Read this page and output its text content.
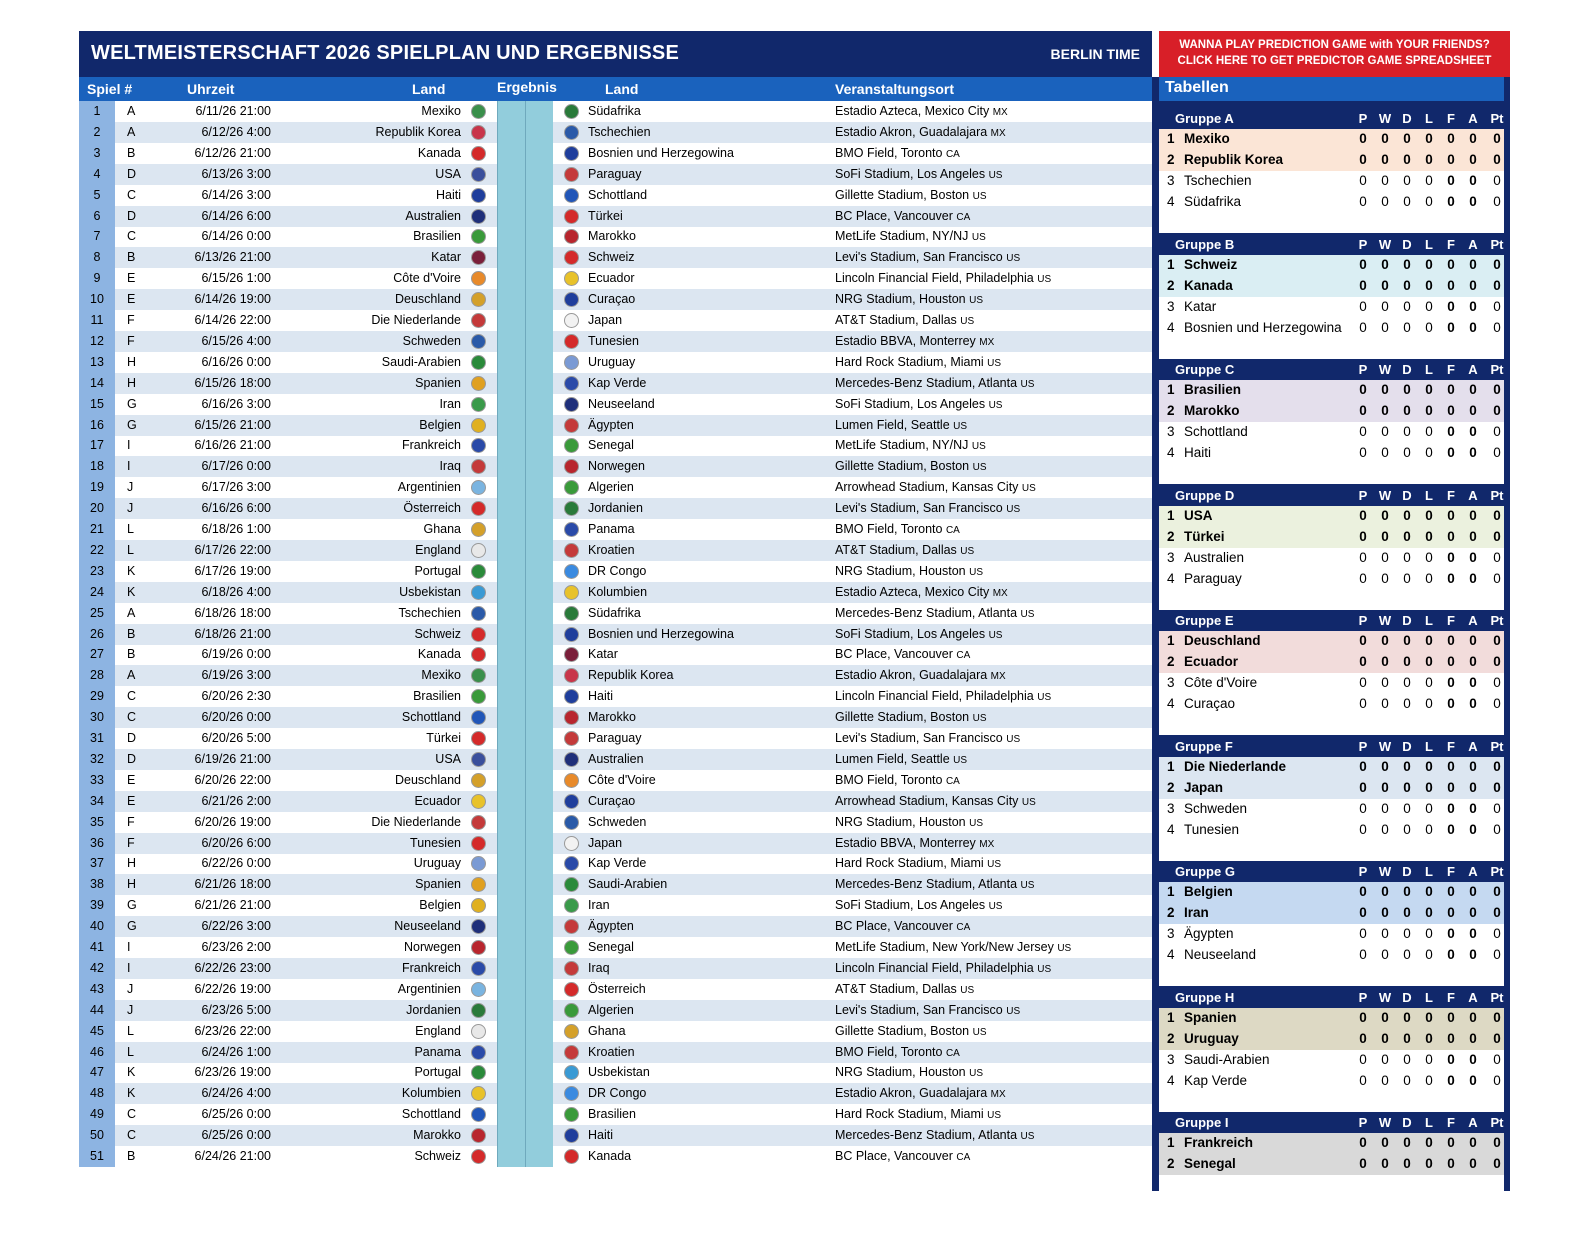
WELTMEISTERSCHAFT 2026 SPIELPLAN UND ERGEBNISSE	BERLIN TIME
WANNA PLAY PREDICTION GAME with YOUR FRIENDS?
CLICK HERE TO GET PREDICTOR GAME SPREADSHEET
Spiel #	Uhrzeit	Land	Ergebnis	Land	Veranstaltungsort
1	A	6/11/26 21:00	Mexiko	Südafrika	Estadio Azteca, Mexico City MX
2	A	6/12/26 4:00	Republik Korea	Tschechien	Estadio Akron, Guadalajara MX
3	B	6/12/26 21:00	Kanada	Bosnien und Herzegowina	BMO Field, Toronto CA
4	D	6/13/26 3:00	USA	Paraguay	SoFi Stadium, Los Angeles US
5	C	6/14/26 3:00	Haiti	Schottland	Gillette Stadium, Boston US
6	D	6/14/26 6:00	Australien	Türkei	BC Place, Vancouver CA
7	C	6/14/26 0:00	Brasilien	Marokko	MetLife Stadium, NY/NJ US
8	B	6/13/26 21:00	Katar	Schweiz	Levi's Stadium, San Francisco US
9	E	6/15/26 1:00	Côte d'Voire	Ecuador	Lincoln Financial Field, Philadelphia US
10	E	6/14/26 19:00	Deuschland	Curaçao	NRG Stadium, Houston US
11	F	6/14/26 22:00	Die Niederlande	Japan	AT&T Stadium, Dallas US
12	F	6/15/26 4:00	Schweden	Tunesien	Estadio BBVA, Monterrey MX
13	H	6/16/26 0:00	Saudi-Arabien	Uruguay	Hard Rock Stadium, Miami US
14	H	6/15/26 18:00	Spanien	Kap Verde	Mercedes-Benz Stadium, Atlanta US
15	G	6/16/26 3:00	Iran	Neuseeland	SoFi Stadium, Los Angeles US
16	G	6/15/26 21:00	Belgien	Ägypten	Lumen Field, Seattle US
17	I	6/16/26 21:00	Frankreich	Senegal	MetLife Stadium, NY/NJ US
18	I	6/17/26 0:00	Iraq	Norwegen	Gillette Stadium, Boston US
19	J	6/17/26 3:00	Argentinien	Algerien	Arrowhead Stadium, Kansas City US
20	J	6/16/26 6:00	Österreich	Jordanien	Levi's Stadium, San Francisco US
21	L	6/18/26 1:00	Ghana	Panama	BMO Field, Toronto CA
22	L	6/17/26 22:00	England	Kroatien	AT&T Stadium, Dallas US
23	K	6/17/26 19:00	Portugal	DR Congo	NRG Stadium, Houston US
24	K	6/18/26 4:00	Usbekistan	Kolumbien	Estadio Azteca, Mexico City MX
25	A	6/18/26 18:00	Tschechien	Südafrika	Mercedes-Benz Stadium, Atlanta US
26	B	6/18/26 21:00	Schweiz	Bosnien und Herzegowina	SoFi Stadium, Los Angeles US
27	B	6/19/26 0:00	Kanada	Katar	BC Place, Vancouver CA
28	A	6/19/26 3:00	Mexiko	Republik Korea	Estadio Akron, Guadalajara MX
29	C	6/20/26 2:30	Brasilien	Haiti	Lincoln Financial Field, Philadelphia US
30	C	6/20/26 0:00	Schottland	Marokko	Gillette Stadium, Boston US
31	D	6/20/26 5:00	Türkei	Paraguay	Levi's Stadium, San Francisco US
32	D	6/19/26 21:00	USA	Australien	Lumen Field, Seattle US
33	E	6/20/26 22:00	Deuschland	Côte d'Voire	BMO Field, Toronto CA
34	E	6/21/26 2:00	Ecuador	Curaçao	Arrowhead Stadium, Kansas City US
35	F	6/20/26 19:00	Die Niederlande	Schweden	NRG Stadium, Houston US
36	F	6/20/26 6:00	Tunesien	Japan	Estadio BBVA, Monterrey MX
37	H	6/22/26 0:00	Uruguay	Kap Verde	Hard Rock Stadium, Miami US
38	H	6/21/26 18:00	Spanien	Saudi-Arabien	Mercedes-Benz Stadium, Atlanta US
39	G	6/21/26 21:00	Belgien	Iran	SoFi Stadium, Los Angeles US
40	G	6/22/26 3:00	Neuseeland	Ägypten	BC Place, Vancouver CA
41	I	6/23/26 2:00	Norwegen	Senegal	MetLife Stadium, New York/New Jersey US
42	I	6/22/26 23:00	Frankreich	Iraq	Lincoln Financial Field, Philadelphia US
43	J	6/22/26 19:00	Argentinien	Österreich	AT&T Stadium, Dallas US
44	J	6/23/26 5:00	Jordanien	Algerien	Levi's Stadium, San Francisco US
45	L	6/23/26 22:00	England	Ghana	Gillette Stadium, Boston US
46	L	6/24/26 1:00	Panama	Kroatien	BMO Field, Toronto CA
47	K	6/23/26 19:00	Portugal	Usbekistan	NRG Stadium, Houston US
48	K	6/24/26 4:00	Kolumbien	DR Congo	Estadio Akron, Guadalajara MX
49	C	6/25/26 0:00	Schottland	Brasilien	Hard Rock Stadium, Miami US
50	C	6/25/26 0:00	Marokko	Haiti	Mercedes-Benz Stadium, Atlanta US
51	B	6/24/26 21:00	Schweiz	Kanada	BC Place, Vancouver CA
Tabellen
Gruppe A	P W D	L	F	A Pt
1 Mexiko	0	0	0	0	0	0	0
2 Republik Korea	0	0	0	0	0	0	0
3 Tschechien	0	0	0	0	0	0	0
4 Südafrika	0	0	0	0	0	0	0
Gruppe B	P W D	L	F	A Pt
1 Schweiz	0	0	0	0	0	0	0
2 Kanada	0	0	0	0	0	0	0
3 Katar	0	0	0	0	0	0	0
4 Bosnien und Herzegowina	0	0	0	0	0	0	0
Gruppe C	P W D	L	F	A Pt
1 Brasilien	0	0	0	0	0	0	0
2 Marokko	0	0	0	0	0	0	0
3 Schottland	0	0	0	0	0	0	0
4 Haiti	0	0	0	0	0	0	0
Gruppe D	P W D	L	F	A Pt
1 USA	0	0	0	0	0	0	0
2 Türkei	0	0	0	0	0	0	0
3 Australien	0	0	0	0	0	0	0
4 Paraguay	0	0	0	0	0	0	0
Gruppe E	P W D	L	F	A Pt
1 Deuschland	0	0	0	0	0	0	0
2 Ecuador	0	0	0	0	0	0	0
3 Côte d'Voire	0	0	0	0	0	0	0
4 Curaçao	0	0	0	0	0	0	0
Gruppe F	P W D	L	F	A Pt
1 Die Niederlande	0	0	0	0	0	0	0
2 Japan	0	0	0	0	0	0	0
3 Schweden	0	0	0	0	0	0	0
4 Tunesien	0	0	0	0	0	0	0
Gruppe G	P W D	L	F	A Pt
1 Belgien	0	0	0	0	0	0	0
2 Iran	0	0	0	0	0	0	0
3 Ägypten	0	0	0	0	0	0	0
4 Neuseeland	0	0	0	0	0	0	0
Gruppe H	P W D	L	F	A Pt
1 Spanien	0	0	0	0	0	0	0
2 Uruguay	0	0	0	0	0	0	0
3 Saudi-Arabien	0	0	0	0	0	0	0
4 Kap Verde	0	0	0	0	0	0	0
Gruppe I	P W D	L	F	A Pt
1 Frankreich	0	0	0	0	0	0	0
2 Senegal	0	0	0	0	0	0	0
